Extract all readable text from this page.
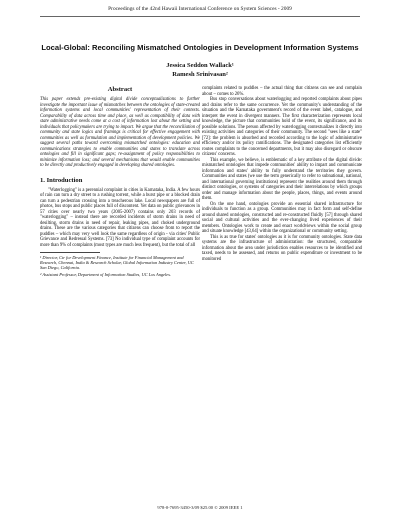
Proceedings of the 42nd Hawaii International Conference on System Sciences - 2009
Local-Global: Reconciling Mismatched Ontologies in Development Information Systems
Jessica Seddon Wallack¹
Ramesh Srinivasan²
Abstract

This paper extends pre-existing digital divide conceptualizations to further investigate the important issue of mismatches between the ontologies of state-created information systems and local communities' representation of their contexts. Comparability of data across time and place, as well as compatibility of data with state administrative needs come at a cost of information lost about the setting and individuals that policymakers are trying to impact. We argue that the reconciliation of community and state logics and framings is critical for effective engagement with communities as well as formulation and implementation of development policies. We suggest several paths toward overcoming mismatched ontologies: education and communications strategies to enable communities and states to translate across ontologies and fill in significant gaps; re-assignment of policy responsibilities to minimize information loss; and several mechanisms that would enable communities to be directly and productively engaged in developing shared ontologies.

1. Introduction

"Waterlogging" is a perennial complaint in cities in Karnataka, India. A few hours of rain can turn a dry street to a rushing torrent, while a burst pipe or a blocked drain can turn a pedestrian crossing into a treacherous lake. Local newspapers are full of photos, bus stops and public places full of discontent. Yet data on public grievances in 57 cities over nearly two years (2005-2007) contains only 203 records of "waterlogging" – instead there are recorded incidents of storm drains in need of desilting, storm drains in need of repair, leaking pipes, and choked underground drains. These are the various categories that citizens can choose from to report the puddles – which may very well look the same regardless of origin - via cities' Public Grievance and Redressal Systems. [73] No individual type of complaint accounts for more than 9% of complaints (most types are much less frequent), but the total of all

¹ Director, Ctr for Development Finance, Institute for Financial Management and Research, Chennai, India & Research Scholar, Global Information Industry Center, UC San Diego, California.

² Assistant Professor, Department of Information Studies, UC Los Angeles.

complaints related to puddles – the actual thing that citizens can see and complain about – comes to 26%.

Bus stop conversations about waterlogging and reported complaints about pipes and drains refer to the same occurrence. Yet the community's understanding of the situation and the Karnataka government's record of the event label, catalogue, and interpret the event in divergent manners. The first characterization represents local knowledge, the picture that communities hold of the event, its significance, and its possible solutions. The person affected by waterlogging contextualizes it directly into existing activities and categories of their community. The second "sees like a state" [72]: the problem is absorbed and recorded according to the logic of administrative efficiency and/or its policy ramifications. The designated categories list efficiently routes complaints to the concerned departments, but it may also disregard or obscure citizens' concerns.

This example, we believe, is emblematic of a key attribute of the digital divide: mismatched ontologies that impede communities' ability to impart and communicate information and states' ability to fully understand the territories they govern. Communities and states (we use the term generically to refer to subnational, national, and international governing institutions) represent the realities around them through distinct ontologies, or systems of categories and their interrelations by which groups order and manage information about the people, places, things, and events around them.

On the one hand, ontologies provide an essential shared infrastructure for individuals to function as a group. Communities may in fact form and self-define around shared ontologies, constructed and re-constructed fluidly [57] through shared social and cultural activities and the ever-changing lived experiences of their members. Ontologies work to create and enact worldviews within the social group and situate knowledge [43,64] within the organizational or community setting.

This is as true for states' ontologies as it is for community ontologies. State data systems are the infrastructure of administration: the structured, comparable information about the area under jurisdiction enables resources to be identified and taxed, needs to be assessed, and returns on public expenditure or investment to be monitored

978-0-7695-3450-3/09 $25.00 © 2009 IEEE 1
